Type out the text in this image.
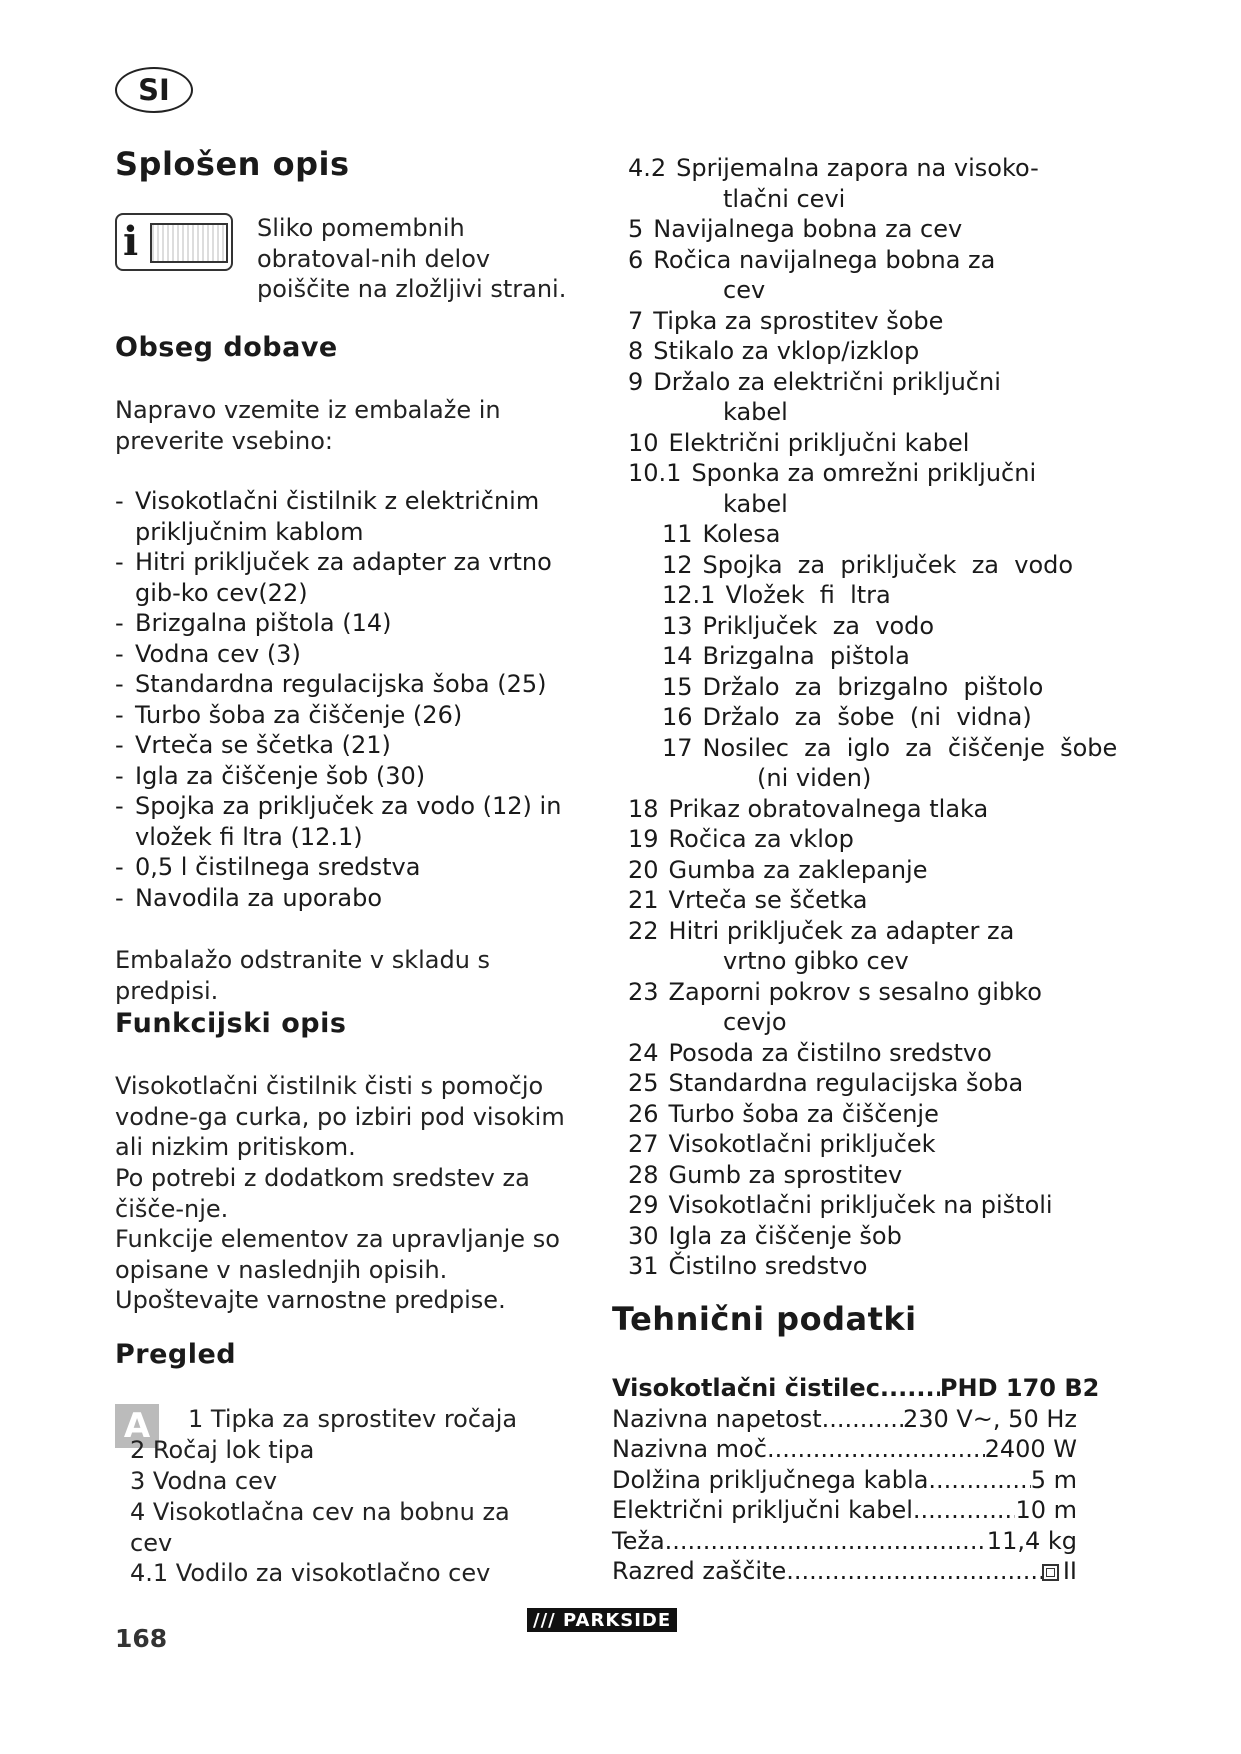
SI
Splošen opis
i	Sliko pomembnih obratoval-nih delov poiščite na zložljivi strani.
Obseg dobave
Napravo vzemite iz embalaže in preverite vsebino:
- Visokotlačni čistilnik z električnim priključnim kablom
- Hitri priključek za adapter za vrtno gib-ko cev(22)
- Brizgalna pištola (14)
- Vodna cev (3)
- Standardna regulacijska šoba (25)
- Turbo šoba za čiščenje (26)
- Vrteča se ščetka (21)
- Igla za čiščenje šob (30)
- Spojka za priključek za vodo (12) in vložek fi ltra (12.1)
- 0,5 l čistilnega sredstva
- Navodila za uporabo
Embalažo odstranite v skladu s predpisi.
Funkcijski opis
Visokotlačni čistilnik čisti s pomočjo vodne-ga curka, po izbiri pod visokim ali nizkim pritiskom.
Po potrebi z dodatkom sredstev za čišče-nje.
Funkcije elementov za upravljanje so opisane v naslednjih opisih. Upoštevajte varnostne predpise.
Pregled
A	1 Tipka za sprostitev ročaja
2 Ročaj lok tipa
3 Vodna cev
4 Visokotlačna cev na bobnu za cev
4.1 Vodilo za visokotlačno cev
4.2 Sprijemalna zapora na visoko-
tlačni cevi
5 Navijalnega bobna za cev
6 Ročica navijalnega bobna za
cev
7 Tipka za sprostitev šobe
8 Stikalo za vklop/izklop
9 Držalo za električni priključni
kabel
10 Električni priključni kabel
10.1 Sponka za omrežni priključni
kabel
11 Kolesa
12 Spojka  za  priključek  za  vodo
12.1 Vložek  fi  ltra
13 Priključek  za  vodo
14 Brizgalna  pištola
15 Držalo  za  brizgalno  pištolo
16 Držalo  za  šobe  (ni  vidna)
17 Nosilec  za  iglo  za  čiščenje  šobe
(ni viden)
18 Prikaz obratovalnega tlaka
19 Ročica za vklop
20 Gumba za zaklepanje
21 Vrteča se ščetka
22 Hitri priključek za adapter za
vrtno gibko cev
23 Zaporni pokrov s sesalno gibko
cevjo
24 Posoda za čistilno sredstvo
25 Standardna regulacijska šoba
26 Turbo šoba za čiščenje
27 Visokotlačni priključek
28 Gumb za sprostitev
29 Visokotlačni priključek na pištoli
30 Igla za čiščenje šob
31 Čistilno sredstvo
Tehnični podatki
Visokotlačni čistilec .....	PHD 170 B2
Nazivna napetost .....	230 V~, 50 Hz
Nazivna moč .....	2400 W
Dolžina priključnega kabla .....	5 m
Električni priključni kabel .....	10 m
Teža .....	11,4 kg
Razred zaščite .....	II
168
/// PARKSIDE
